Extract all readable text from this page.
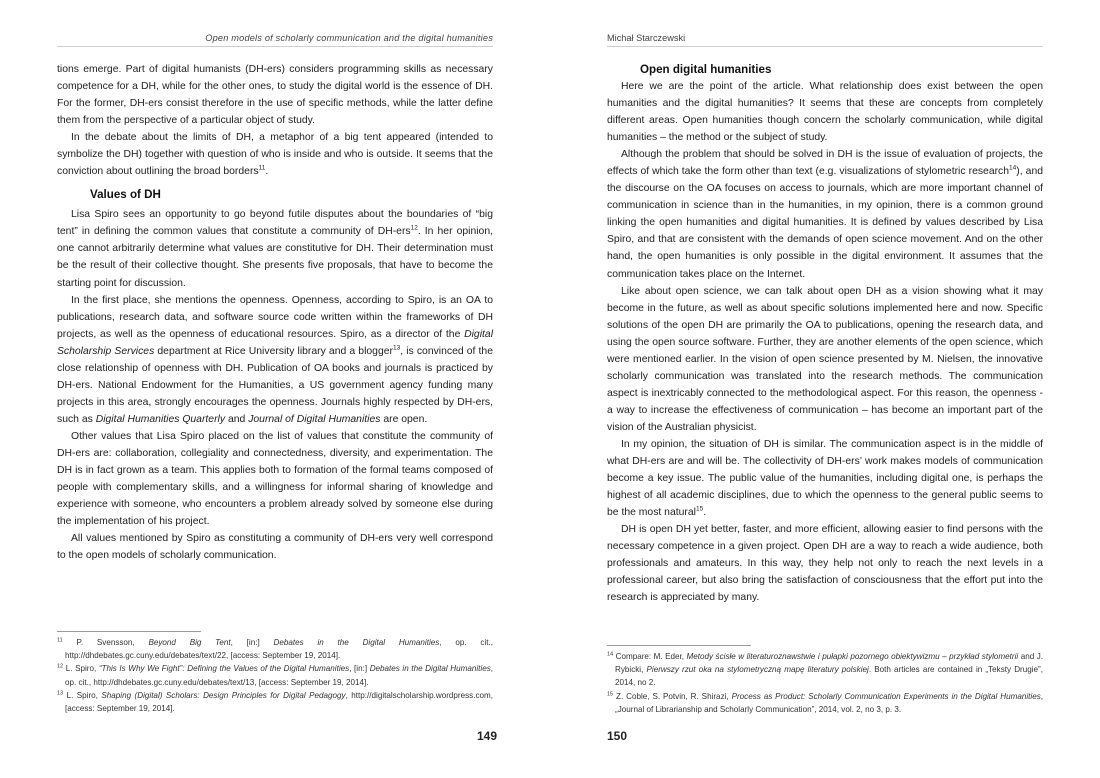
Open models of scholarly communication and the digital humanities

tions emerge. Part of digital humanists (DH-ers) considers programming skills as necessary competence for a DH, while for the other ones, to study the digital world is the essence of DH. For the former, DH-ers consist therefore in the use of specific methods, while the latter define them from the perspective of a particular object of study.

In the debate about the limits of DH, a metaphor of a big tent appeared (intended to symbolize the DH) together with question of who is inside and who is outside. It seems that the conviction about outlining the broad borders$^{11}$.

Values of DH

Lisa Spiro sees an opportunity to go beyond futile disputes about the boundaries of “big tent” in defining the common values that constitute a community of DH-ers$^{12}$. In her opinion, one cannot arbitrarily determine what values are constitutive for DH. Their determination must be the result of their collective thought. She presents five proposals, that have to become the starting point for discussion.

In the first place, she mentions the openness. Openness, according to Spiro, is an OA to publications, research data, and software source code written within the frameworks of DH projects, as well as the openness of educational resources. Spiro, as a director of the Digital Scholarship Services department at Rice University library and a blogger$^{13}$, is convinced of the close relationship of openness with DH. Publication of OA books and journals is practiced by DH-ers. National Endowment for the Humanities, a US government agency funding many projects in this area, strongly encourages the openness. Journals highly respected by DH-ers, such as Digital Humanities Quarterly and Journal of Digital Humanities are open.

Other values that Lisa Spiro placed on the list of values that constitute the community of DH-ers are: collaboration, collegiality and connectedness, diversity, and experimentation. The DH is in fact grown as a team. This applies both to formation of the formal teams composed of people with complementary skills, and a willingness for informal sharing of knowledge and experience with someone, who encounters a problem already solved by someone else during the implementation of his project.

All values mentioned by Spiro as constituting a community of DH-ers very well correspond to the open models of scholarly communication.

$^{11}$ P. Svensson, Beyond Big Tent, [in:] Debates in the Digital Humanities, op. cit., http://dhdebates.gc.cuny.edu/debates/text/22, [access: September 19, 2014].
$^{12}$ L. Spiro, “This Is Why We Fight”: Defining the Values of the Digital Humanities, [in:] Debates in the Digital Humanities, op. cit., http://dhdebates.gc.cuny.edu/debates/text/13, [access: September 19, 2014].
$^{13}$ L. Spiro, Shaping (Digital) Scholars: Design Principles for Digital Pedagogy, http://digitalscholarship.wordpress.com, [access: September 19, 2014].
149
Michał Starczewski
Open digital humanities

Here we are the point of the article. What relationship does exist between the open humanities and the digital humanities? It seems that these are concepts from completely different areas. Open humanities though concern the scholarly communication, while digital humanities – the method or the subject of study.

Although the problem that should be solved in DH is the issue of evaluation of projects, the effects of which take the form other than text (e.g. visualizations of stylometric research$^{14}$), and the discourse on the OA focuses on access to journals, which are more important channel of communication in science than in the humanities, in my opinion, there is a common ground linking the open humanities and digital humanities. It is defined by values described by Lisa Spiro, and that are consistent with the demands of open science movement. And on the other hand, the open humanities is only possible in the digital environment. It assumes that the communication takes place on the Internet.

Like about open science, we can talk about open DH as a vision showing what it may become in the future, as well as about specific solutions implemented here and now. Specific solutions of the open DH are primarily the OA to publications, opening the research data, and using the open source software. Further, they are another elements of the open science, which were mentioned earlier. In the vision of open science presented by M. Nielsen, the innovative scholarly communication was translated into the research methods. The communication aspect is inextricably connected to the methodological aspect. For this reason, the openness - a way to increase the effectiveness of communication – has become an important part of the vision of the Australian physicist.

In my opinion, the situation of DH is similar. The communication aspect is in the middle of what DH-ers are and will be. The collectivity of DH-ers’ work makes models of communication become a key issue. The public value of the humanities, including digital one, is perhaps the highest of all academic disciplines, due to which the openness to the general public seems to be the most natural$^{15}$.

DH is open DH yet better, faster, and more efficient, allowing easier to find persons with the necessary competence in a given project. Open DH are a way to reach a wide audience, both professionals and amateurs. In this way, they help not only to reach the next levels in a professional career, but also bring the satisfaction of consciousness that the effort put into the research is appreciated by many.

$^{14}$ Compare: M. Eder, Metody ścisłe w literaturoznawstwie i pułapki pozornego obiektywizmu – przykład stylometrii and J. Rybicki, Pierwszy rzut oka na stylometryczną mapę literatury polskiej. Both articles are contained in „Teksty Drugie”, 2014, no 2.
$^{15}$ Z. Coble, S. Potvin, R. Shirazi, Process as Product: Scholarly Communication Experiments in the Digital Humanities, „Journal of Librarianship and Scholarly Communication”, 2014, vol. 2, no 3, p. 3.
150
